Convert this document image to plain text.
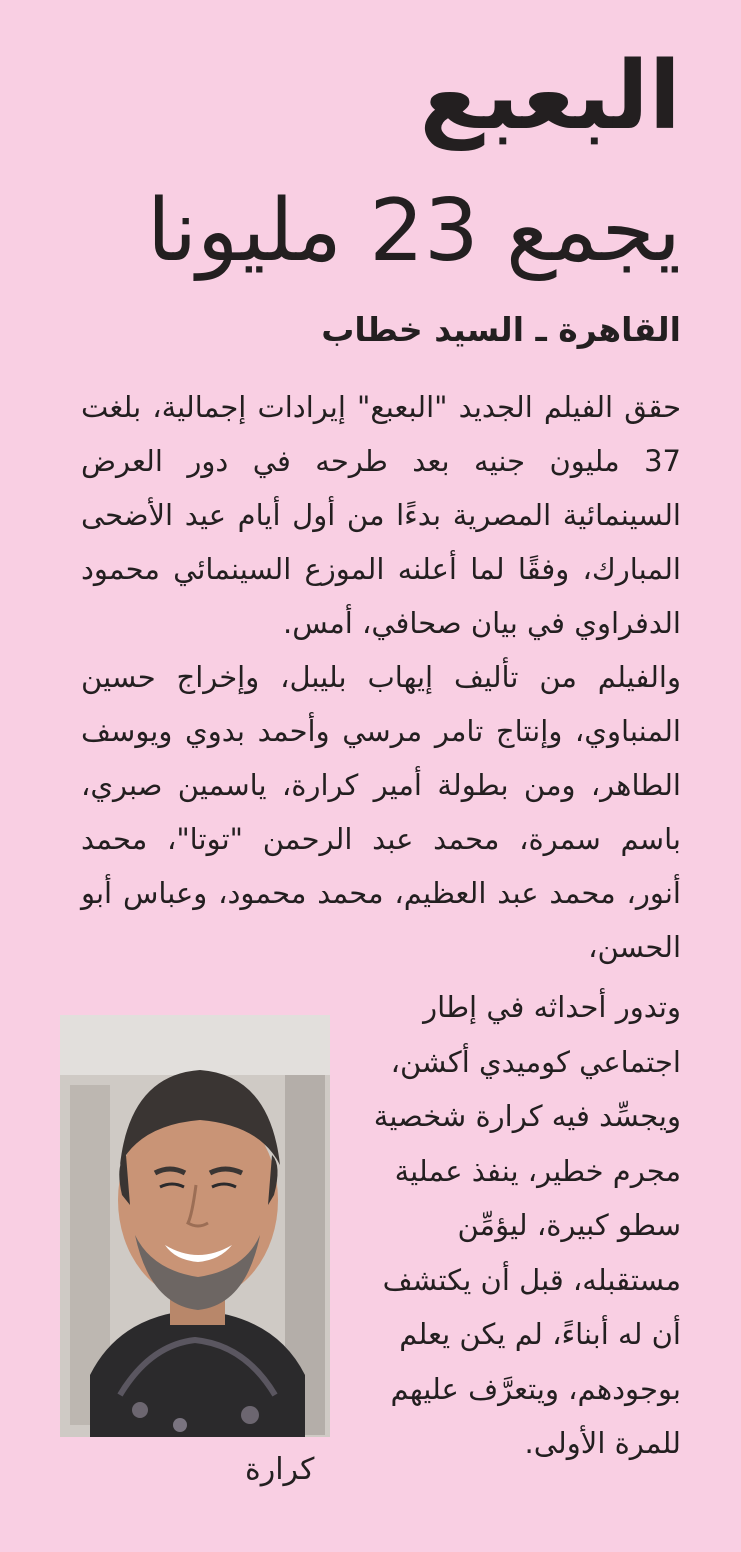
البعبع
يجمع 23 مليونا
القاهرة ـ السيد خطاب

حقق الفيلم الجديد "البعبع" إيرادات إجمالية، بلغت 37 مليون جنيه بعد طرحه في دور العرض السينمائية المصرية بدءًا من أول أيام عيد الأضحى المبارك، وفقًا لما أعلنه الموزع السينمائي محمود الدفراوي في بيان صحافي، أمس.

والفيلم من تأليف إيهاب بليبل، وإخراج حسين المنباوي، وإنتاج تامر مرسي وأحمد بدوي ويوسف الطاهر، ومن بطولة أمير كرارة، ياسمين صبري، باسم سمرة، محمد عبد الرحمن "توتا"، محمد أنور، محمد عبد العظيم، محمد محمود، وعباس أبو الحسن،

وتدور أحداثه في إطار اجتماعي كوميدي أكشن، ويجسِّد فيه كرارة شخصية مجرم خطير، ينفذ عملية سطو كبيرة، ليؤمِّن مستقبله، قبل أن يكتشف أن له أبناءً، لم يكن يعلم بوجودهم، ويتعرَّف عليهم للمرة الأولى.

كرارة
